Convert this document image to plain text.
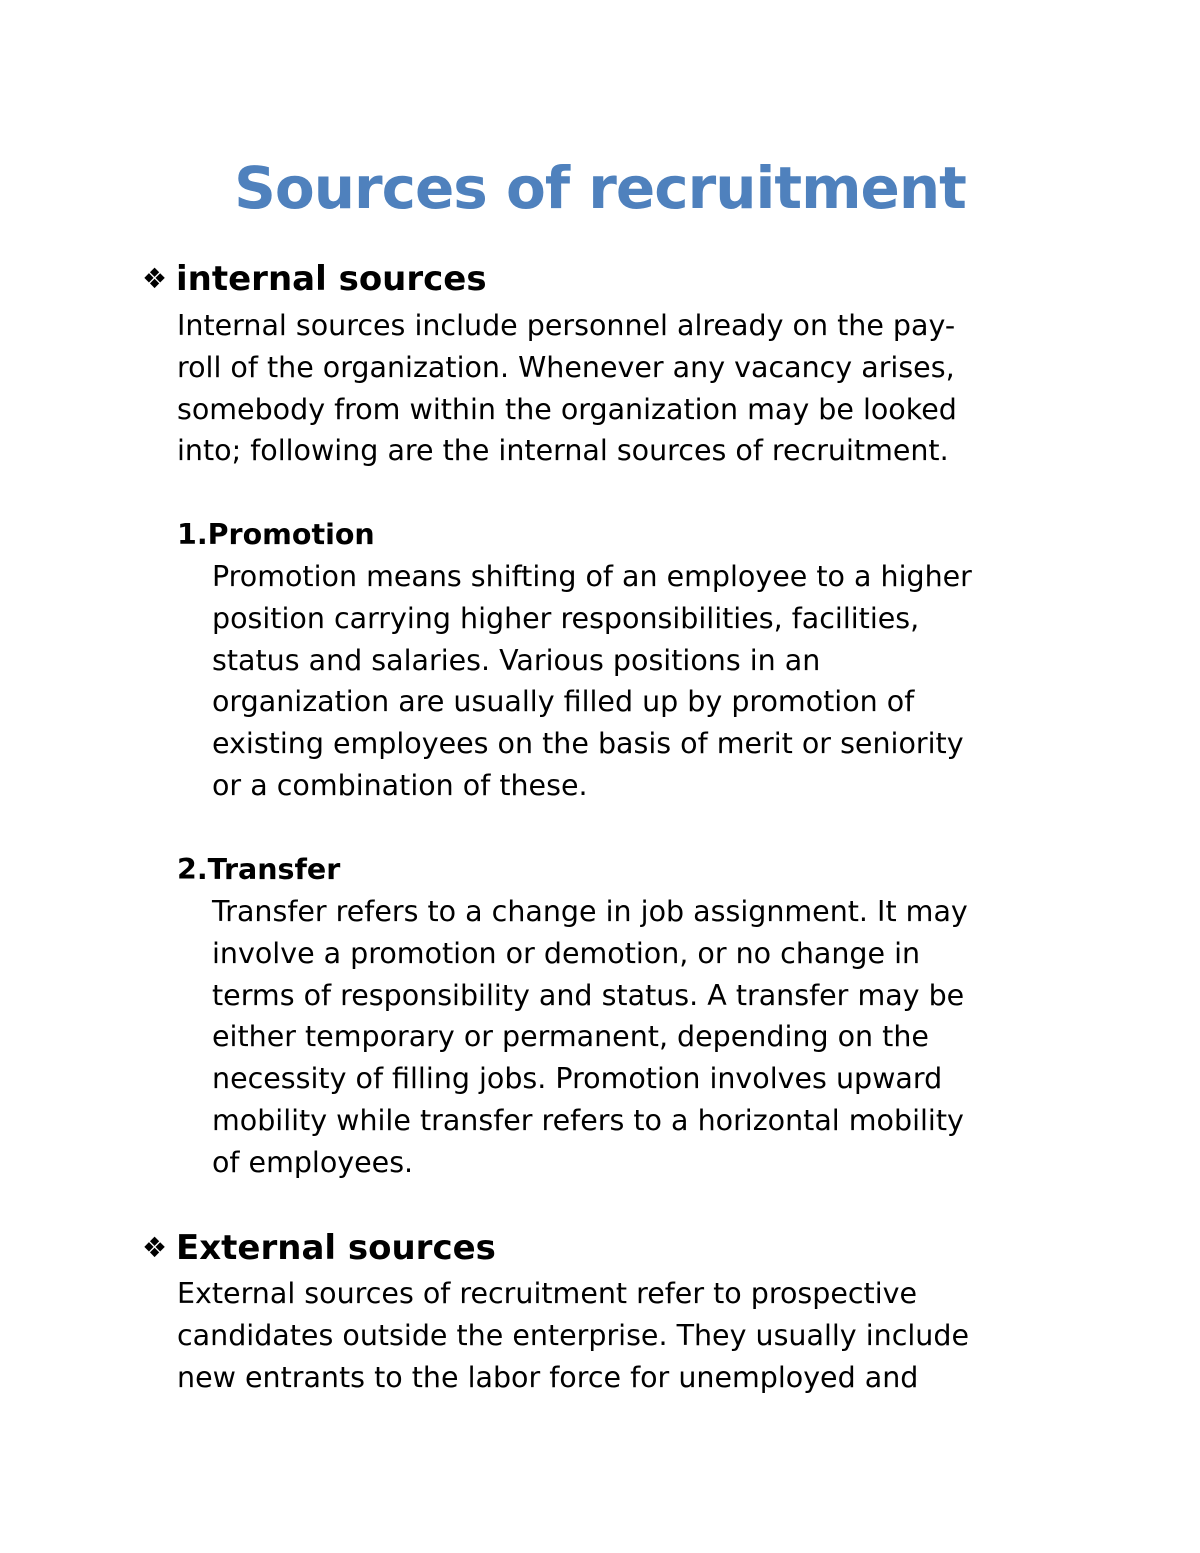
Sources of recruitment
❖ internal sources

Internal sources include personnel already on the pay-
roll of the organization. Whenever any vacancy arises,
somebody from within the organization may be looked
into; following are the internal sources of recruitment.

1.Promotion

Promotion means shifting of an employee to a higher
position carrying higher responsibilities, facilities,
status and salaries. Various positions in an
organization are usually filled up by promotion of
existing employees on the basis of merit or seniority
or a combination of these.

2.Transfer

Transfer refers to a change in job assignment. It may
involve a promotion or demotion, or no change in
terms of responsibility and status. A transfer may be
either temporary or permanent, depending on the
necessity of filling jobs. Promotion involves upward
mobility while transfer refers to a horizontal mobility
of employees.

❖ External sources

External sources of recruitment refer to prospective
candidates outside the enterprise. They usually include
new entrants to the labor force for unemployed and
